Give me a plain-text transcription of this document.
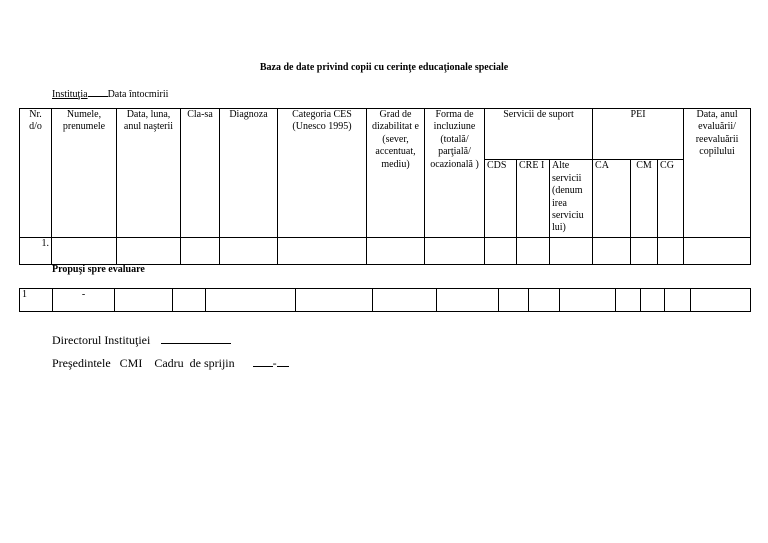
Baza de date privind copii cu cerinţe educaţionale speciale
Instituţia Data întocmirii
Nr. d/o	Numele, prenumele	Data, luna, anul naşterii	Cla-sa	Diagnoza	Categoria CES (Unesco 1995)	Grad de dizabilitat e (sever, accentuat, mediu)	Forma de incluziune (totală/ parţială/ ocazională )	Servicii de suport			PEI			Data, anul evaluării/ reevaluării copilului
								CDS	CRE I	Alte servicii (denum irea serviciu lui)	CA	CM	CG	
1.														
Propuşi spre evaluare
1	-													
Directorul Instituţiei
Preşedintele   CMI    Cadru  de sprijin	-
